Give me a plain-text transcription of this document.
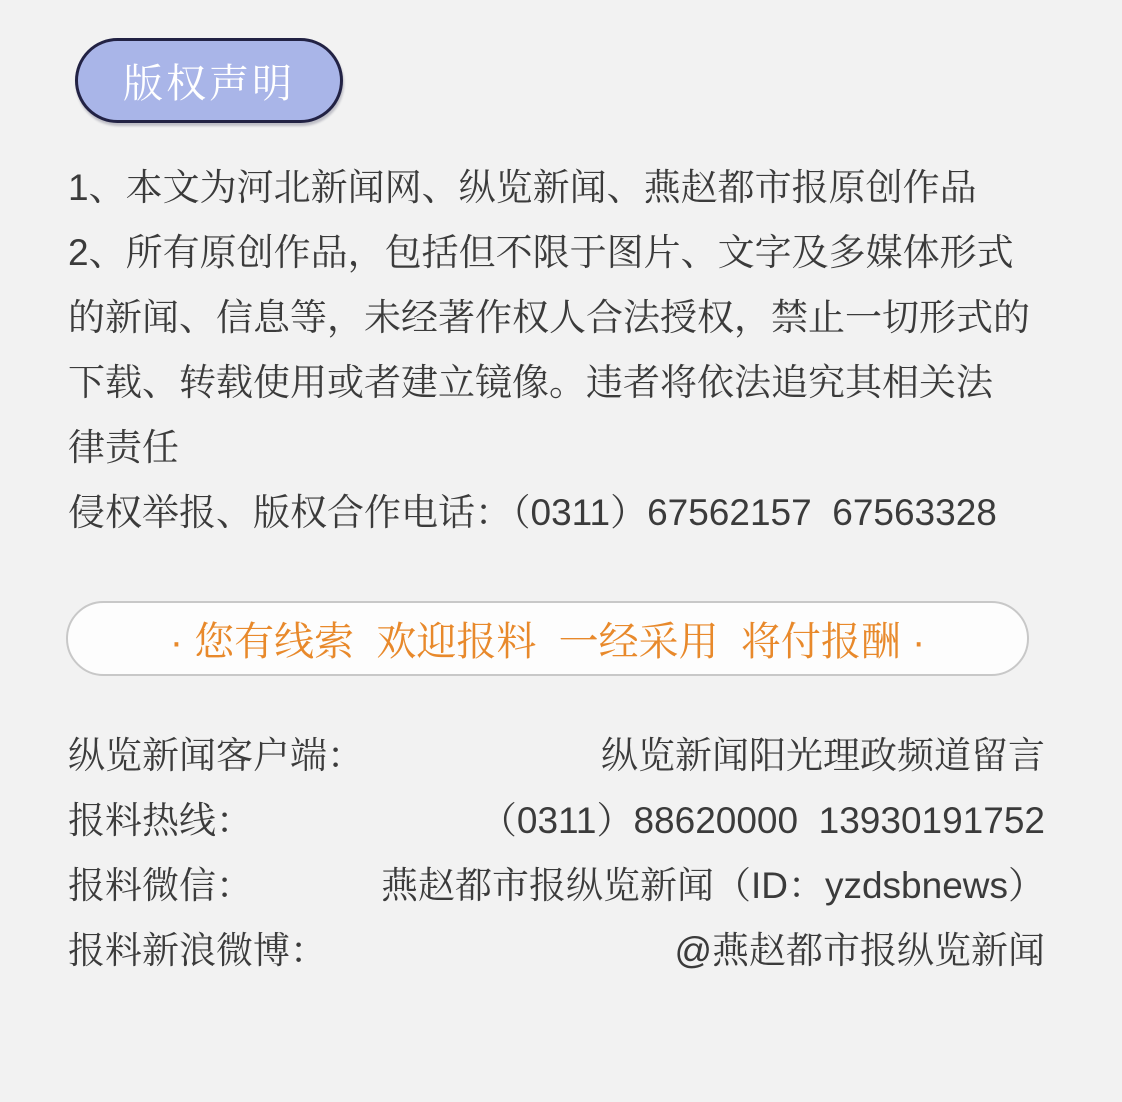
版权声明
1、本文为河北新闻网、纵览新闻、燕赵都市报原创作品
2、所有原创作品，包括但不限于图片、文字及多媒体形式
的新闻、信息等，未经著作权人合法授权，禁止一切形式的
下载、转载使用或者建立镜像。违者将依法追究其相关法
律责任
侵权举报、版权合作电话：（0311）67562157  67563328
· 您有线索  欢迎报料  一经采用  将付报酬 ·
纵览新闻客户端：	纵览新闻阳光理政频道留言
报料热线：	（0311）88620000  13930191752
报料微信：	燕赵都市报纵览新闻（ID：yzdsbnews）
报料新浪微博：	@燕赵都市报纵览新闻
